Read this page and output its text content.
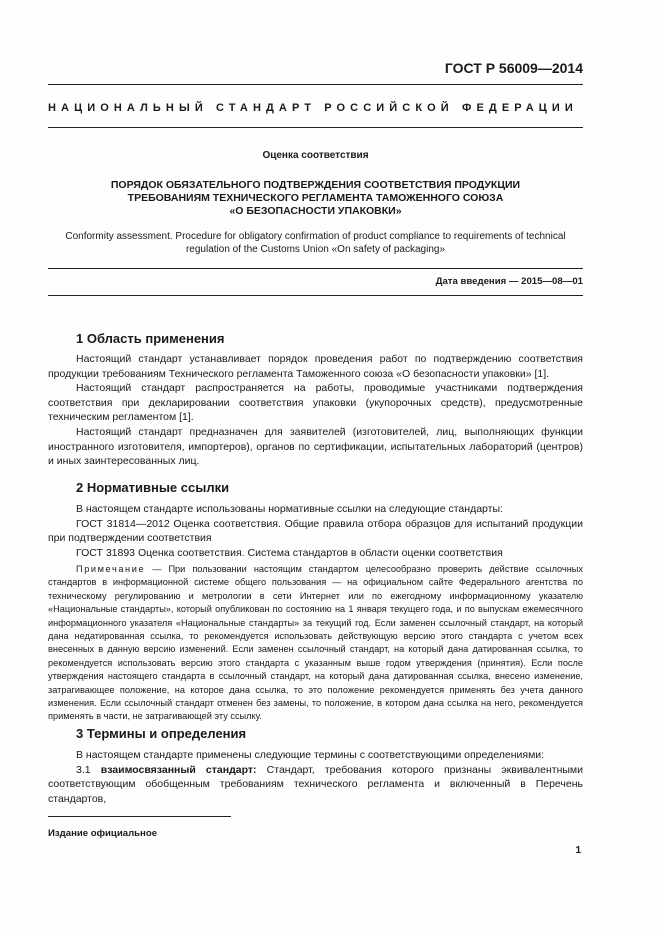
ГОСТ Р 56009—2014
НАЦИОНАЛЬНЫЙ СТАНДАРТ РОССИЙСКОЙ ФЕДЕРАЦИИ
Оценка соответствия
ПОРЯДОК ОБЯЗАТЕЛЬНОГО ПОДТВЕРЖДЕНИЯ СООТВЕТСТВИЯ ПРОДУКЦИИ
ТРЕБОВАНИЯМ ТЕХНИЧЕСКОГО РЕГЛАМЕНТА ТАМОЖЕННОГО СОЮЗА
«О БЕЗОПАСНОСТИ УПАКОВКИ»
Conformity assessment. Procedure for obligatory confirmation of product compliance to requirements of technical
regulation of the Customs Union «On safety of packaging»
Дата введения — 2015—08—01
1 Область применения

Настоящий стандарт устанавливает порядок проведения работ по подтверждению соответствия продукции требованиям Технического регламента Таможенного союза «О безопасности упаковки» [1].

Настоящий стандарт распространяется на работы, проводимые участниками подтверждения соответствия при декларировании соответствия упаковки (укупорочных средств), предусмотренные техническим регламентом [1].

Настоящий стандарт предназначен для заявителей (изготовителей, лиц, выполняющих функции иностранного изготовителя, импортеров), органов по сертификации, испытательных лабораторий (центров) и иных заинтересованных лиц.

2 Нормативные ссылки

В настоящем стандарте использованы нормативные ссылки на следующие стандарты:

ГОСТ 31814—2012 Оценка соответствия. Общие правила отбора образцов для испытаний продукции при подтверждении соответствия

ГОСТ 31893 Оценка соответствия. Система стандартов в области оценки соответствия

Примечание — При пользовании настоящим стандартом целесообразно проверить действие ссылочных стандартов в информационной системе общего пользования — на официальном сайте Федерального агентства по техническому регулированию и метрологии в сети Интернет или по ежегодному информационному указателю «Национальные стандарты», который опубликован по состоянию на 1 января текущего года, и по выпускам ежемесячного информационного указателя «Национальные стандарты» за текущий год. Если заменен ссылочный стандарт, на который дана недатированная ссылка, то рекомендуется использовать действующую версию этого стандарта с учетом всех внесенных в данную версию изменений. Если заменен ссылочный стандарт, на который дана датированная ссылка, то рекомендуется использовать версию этого стандарта с указанным выше годом утверждения (принятия). Если после утверждения настоящего стандарта в ссылочный стандарт, на который дана датированная ссылка, внесено изменение, затрагивающее положение, на которое дана ссылка, то это положение рекомендуется применять без учета данного изменения. Если ссылочный стандарт отменен без замены, то положение, в котором дана ссылка на него, рекомендуется применять в части, не затрагивающей эту ссылку.

3 Термины и определения

В настоящем стандарте применены следующие термины с соответствующими определениями:

3.1 взаимосвязанный стандарт: Стандарт, требования которого признаны эквивалентными соответствующим обобщенным требованиям технического регламента и включенный в Перечень стандартов,

Издание официальное
1
